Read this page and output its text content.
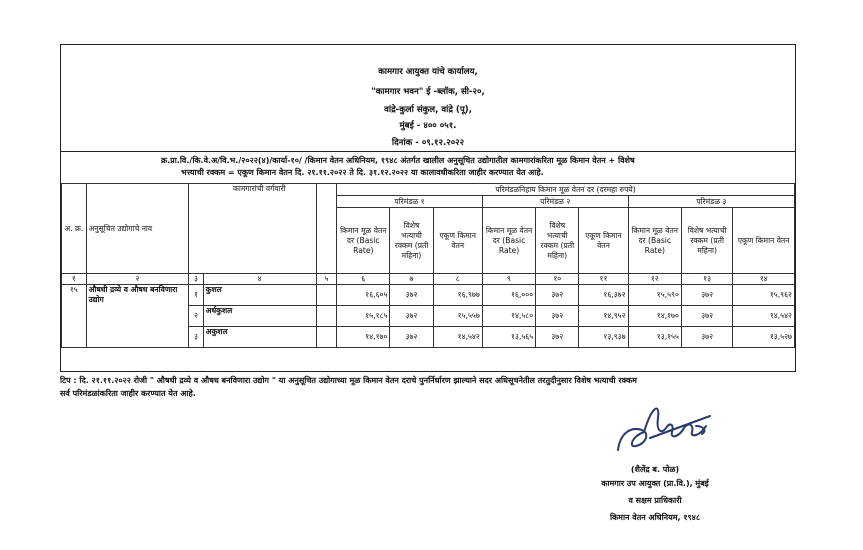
कामगार आयुक्त यांचे कार्यालय,
"कामगार भवन" ई -ब्लॉक, सी-२०,
वांद्रे-कुर्ला संकुल, वांद्रे (पू),
मुंबई - ४०० ०५१.
दिनांक - ०९.१२.२०२२
क्र.प्रा.वि./कि.वे.अ/वि.भ./२०२२(४)/कार्या-१०/ /किमान वेतन अधिनियम, १९४८ अंतर्गत खालील अनुसूचित उद्योगातील कामगारांकरिता मूळ किमान वेतन + विशेष
भत्त्याची रक्कम = एकूण किमान वेतन दि. २१.११.२०२२ ते दि. ३१.१२.२०२२ या कालावधीकरिता जाहीर करण्यात येत आहे.
अ. क्र.	अनुसूचित उद्योगाचे नाव		कामगारांची वर्गवारी		परिमंडळनिहाय किमान मूळ वेतन दर (दरमहा रुपये)								
					परिमंडळ १			परिमंडळ २			परिमंडळ ३		
					किमान मूळ वेतन दर (Basic Rate)	विशेष भत्याची रक्कम (प्रती महिना)	एकूण किमान वेतन	किमान मूळ वेतन दर (Basic Rate)	विशेष भत्याची रक्कम (प्रती महिना)	एकूण किमान वेतन	किमान मूळ वेतन दर (Basic Rate)	विशेष भत्याची रक्कम (प्रती महिना)	एकूण किमान वेतन
१	२	३	४	५	६	७	८	९	१०	११	१२	१३	१४
१५	औषधी द्रव्ये व औषध बनविणारा उद्योग	१	कुशल		१६,६०५	३७२	१६,९७७	१६,०००	३७२	१६,३७२	१५,५९०	३७२	१५,९६२
		२	अर्धकुशल		१५,१८५	३७२	१५,५५७	१४,५८०	३७२	१४,९५२	१४,१७०	३७२	१४,५४२
		३	अकुशल		१४,१७०	३७२	१४,५४२	१३,५६५	३७२	१३,९३७	१३,१५५	३७२	१३,५२७
टिप : दि. २१.११.२०२२ रोजी " औषधी द्रव्ये व औषध बनविणारा उद्योग " या अनुसूचित उद्योगाच्या मूळ किमान वेतन दराचे पुनर्निर्धारण झाल्याने सदर अधिसूचनेतील तरतुदीनुसार विशेष भत्याची रक्कम
सर्व परिमंडळांकरिता जाहीर करण्यात येत आहे.
(शैलेंद्र ब. पोळ)
कामगार उप आयुक्त (प्रा.वि.), मुंबई
व सक्षम प्राधिकारी
किमान वेतन अधिनियम, १९४८
